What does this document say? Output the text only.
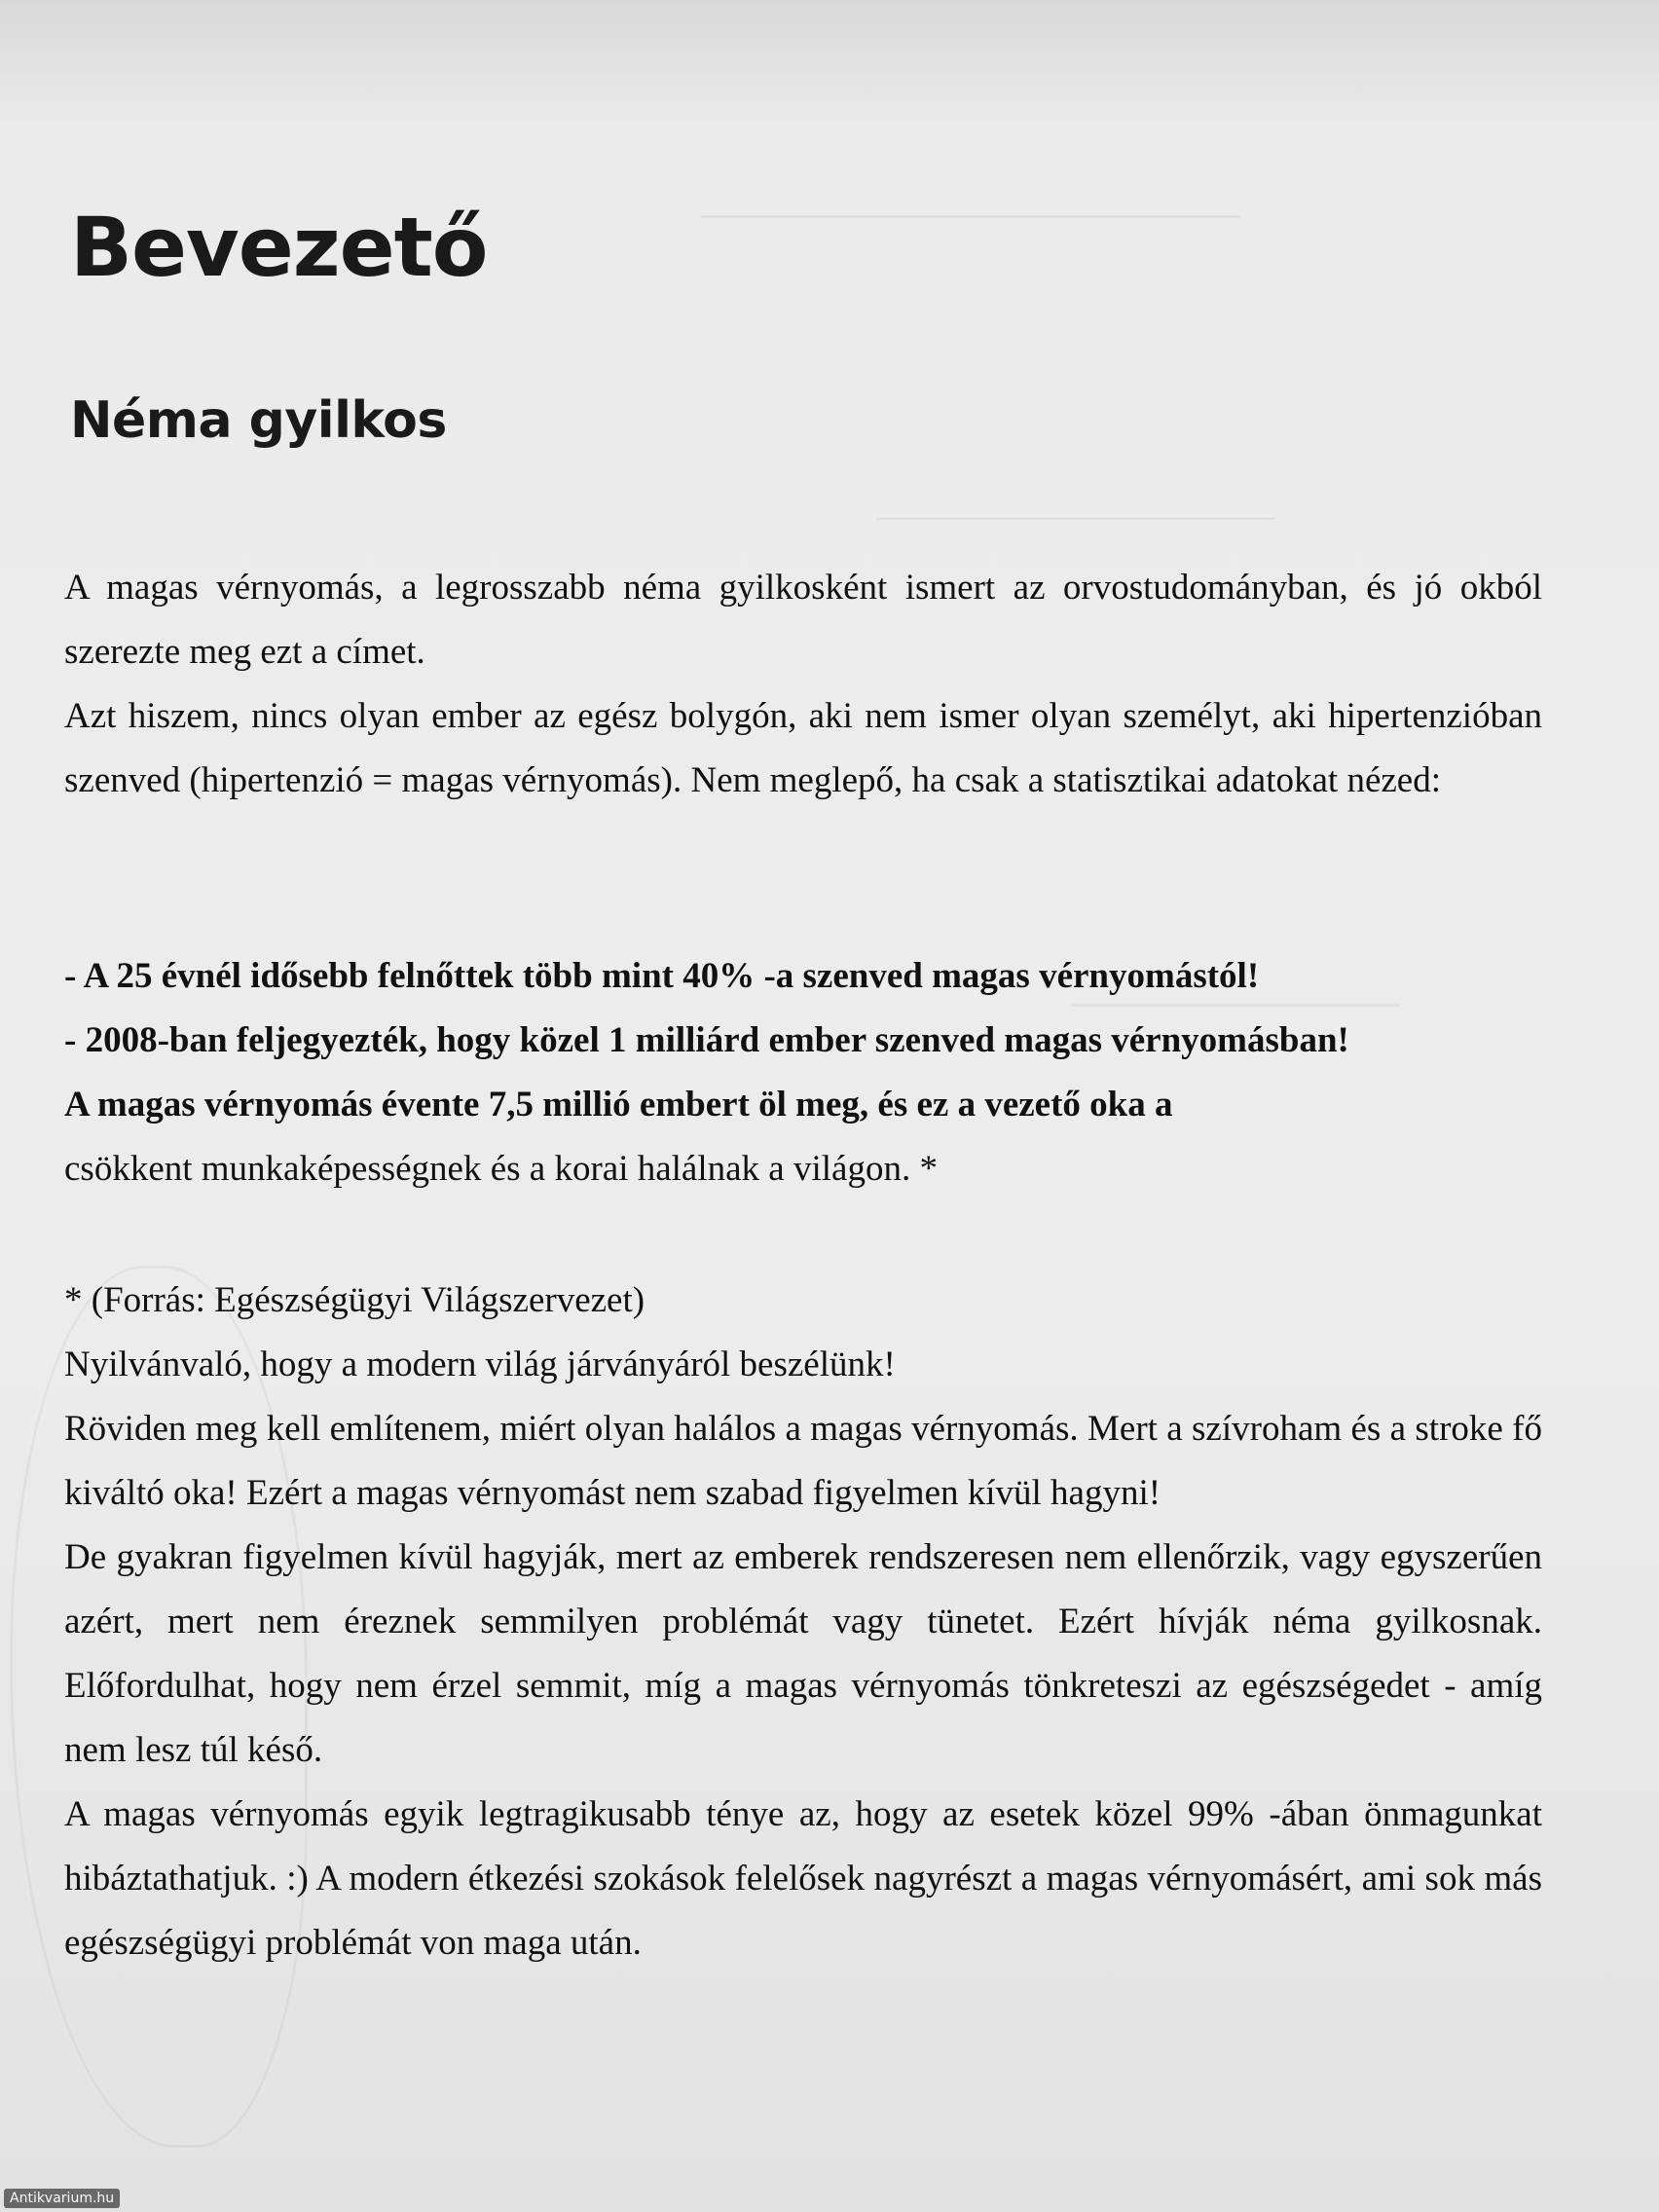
───────────────────────
─────────────────
──────────────
Bevezető
Néma gyilkos

A magas vérnyomás, a legrosszabb néma gyilkosként ismert az orvostudományban, és jó okból szerezte meg ezt a címet.

Azt hiszem, nincs olyan ember az egész bolygón, aki nem ismer olyan személyt, aki hipertenzióban szenved (hipertenzió = magas vérnyomás). Nem meglepő, ha csak a statisztikai adatokat nézed:

- A 25 évnél idősebb felnőttek több mint 40% -a szenved magas vérnyomástól!

- 2008-ban feljegyezték, hogy közel 1 milliárd ember szenved magas vérnyomásban!

A magas vérnyomás évente 7,5 millió embert öl meg, és ez a vezető oka a

csökkent munkaképességnek és a korai halálnak a világon. *

* (Forrás: Egészségügyi Világszervezet)

Nyilvánvaló, hogy a modern világ járványáról beszélünk!

Röviden meg kell említenem, miért olyan halálos a magas vérnyomás. Mert a szívroham és a stroke fő kiváltó oka! Ezért a magas vérnyomást nem szabad figyelmen kívül hagyni!

De gyakran figyelmen kívül hagyják, mert az emberek rendszeresen nem ellenőrzik, vagy egyszerűen azért, mert nem éreznek semmilyen problémát vagy tünetet. Ezért hívják néma gyilkosnak. Előfordulhat, hogy nem érzel semmit, míg a magas vérnyomás tönkreteszi az egészségedet - amíg nem lesz túl késő.

A magas vérnyomás egyik legtragikusabb ténye az, hogy az esetek közel 99% -ában önmagunkat hibáztathatjuk. :) A modern étkezési szokások felelősek nagyrészt a magas vérnyomásért, ami sok más egészségügyi problémát von maga után.

Antikvarium.hu
